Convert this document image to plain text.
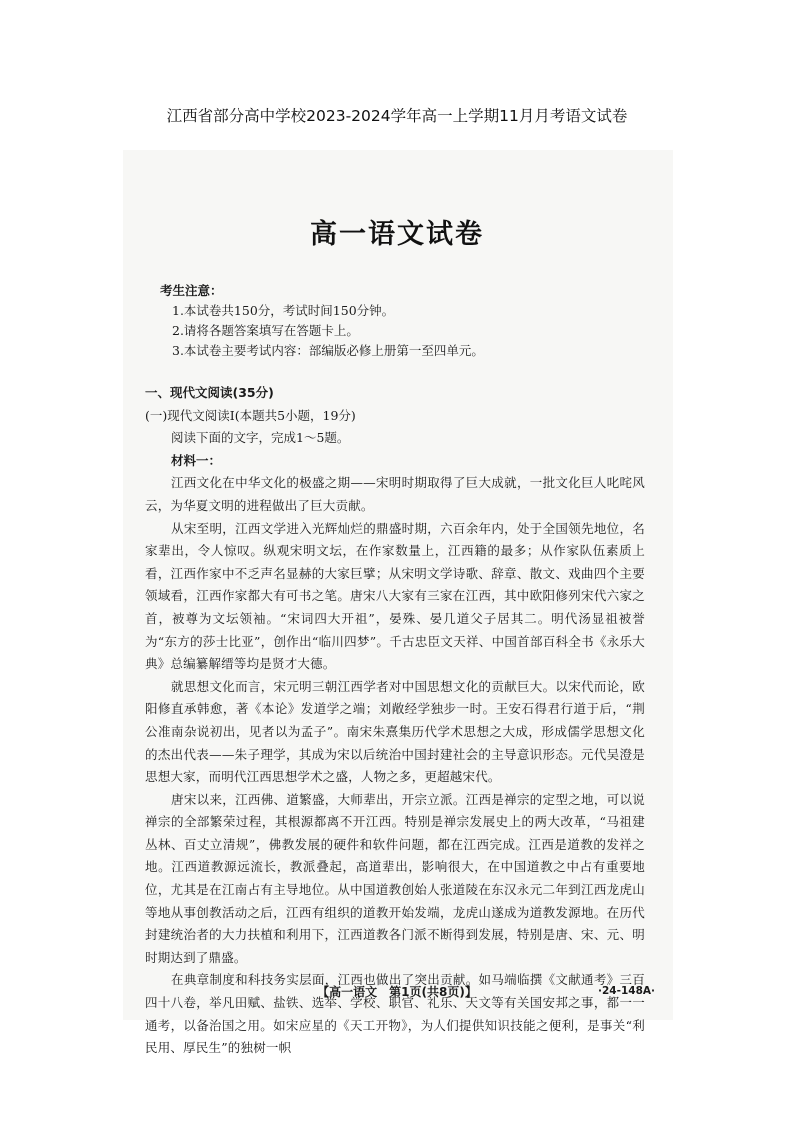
江西省部分高中学校2023-2024学年高一上学期11月月考语文试卷
高一语文试卷
考生注意：
1.本试卷共150分，考试时间150分钟。
2.请将各题答案填写在答题卡上。
3.本试卷主要考试内容：部编版必修上册第一至四单元。
一、现代文阅读(35分)
(一)现代文阅读Ⅰ(本题共5小题，19分)
阅读下面的文字，完成1～5题。
材料一：
江西文化在中华文化的极盛之期——宋明时期取得了巨大成就，一批文化巨人叱咤风云，为华夏文明的进程做出了巨大贡献。
从宋至明，江西文学进入光辉灿烂的鼎盛时期，六百余年内，处于全国领先地位，名家辈出，令人惊叹。纵观宋明文坛，在作家数量上，江西籍的最多；从作家队伍素质上看，江西作家中不乏声名显赫的大家巨擘；从宋明文学诗歌、辞章、散文、戏曲四个主要领域看，江西作家都大有可书之笔。唐宋八大家有三家在江西，其中欧阳修列宋代六家之首，被尊为文坛领袖。“宋词四大开祖”，晏殊、晏几道父子居其二。明代汤显祖被誉为“东方的莎士比亚”，创作出“临川四梦”。千古忠臣文天祥、中国首部百科全书《永乐大典》总编纂解缙等均是贤才大德。
就思想文化而言，宋元明三朝江西学者对中国思想文化的贡献巨大。以宋代而论，欧阳修直承韩愈，著《本论》发道学之端；刘敞经学独步一时。王安石得君行道于后，“荆公准南杂说初出，见者以为孟子”。南宋朱熹集历代学术思想之大成，形成儒学思想文化的杰出代表——朱子理学，其成为宋以后统治中国封建社会的主导意识形态。元代吴澄是思想大家，而明代江西思想学术之盛，人物之多，更超越宋代。
唐宋以来，江西佛、道繁盛，大师辈出，开宗立派。江西是禅宗的定型之地，可以说禅宗的全部繁荣过程，其根源都离不开江西。特别是禅宗发展史上的两大改革，“马祖建丛林、百丈立清规”，佛教发展的硬件和软件问题，都在江西完成。江西是道教的发祥之地。江西道教源远流长，教派叠起，高道辈出，影响很大，在中国道教之中占有重要地位，尤其是在江南占有主导地位。从中国道教创始人张道陵在东汉永元二年到江西龙虎山等地从事创教活动之后，江西有组织的道教开始发端，龙虎山遂成为道教发源地。在历代封建统治者的大力扶植和利用下，江西道教各门派不断得到发展，特别是唐、宋、元、明时期达到了鼎盛。
在典章制度和科技务实层面，江西也做出了突出贡献。如马端临撰《文献通考》三百四十八卷，举凡田赋、盐铁、选举、学校、职官、礼乐、天文等有关国安邦之事，都一一通考，以备治国之用。如宋应星的《天工开物》，为人们提供知识技能之便利，是事关“利民用、厚民生”的独树一帜
【高一语文　第1页(共8页)】	·24-148A·
